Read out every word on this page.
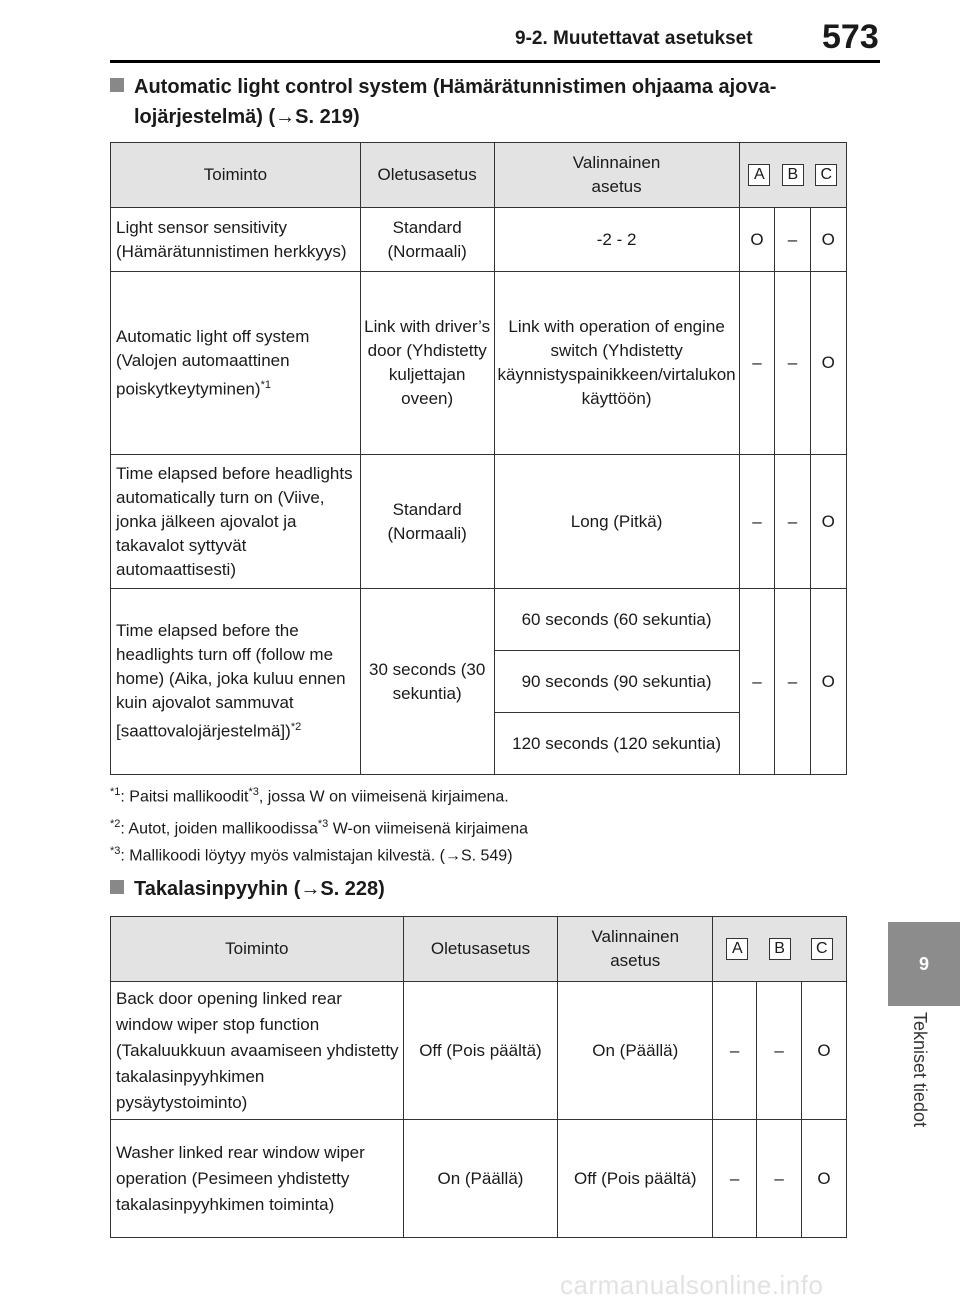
9-2. Muutettavat asetukset 573
9
Tekniset tiedot
Automatic light control system (Hämärätunnistimen ohjaama ajova-
lojärjestelmä) (→S. 219)
Toiminto	Oletusasetus	Valinnainen
asetus	A B C		

Light sensor sensitivity (Hämärätunnistimen herkkyys)	Standard (Normaali)	-2 - 2	O	–	O
Automatic light off system (Valojen automaattinen poiskytkeytyminen)$^{*1}$	Link with driver’s door (Yhdistetty kuljettajan oveen)	Link with operation of engine switch (Yhdistetty käynnistyspainikkeen/virtalukon käyttöön)	–	–	O
Time elapsed before headlights automatically turn on (Viive, jonka jälkeen ajovalot ja takavalot syttyvät automaattisesti)	Standard (Normaali)	Long (Pitkä)	–	–	O
Time elapsed before the headlights turn off (follow me home) (Aika, joka kuluu ennen kuin ajovalot sammuvat [saattovalojärjestelmä])$^{*2}$	30 seconds (30 sekuntia)	60 seconds (60 sekuntia)	–	–	O
		90 seconds (90 sekuntia)			
		120 seconds (120 sekuntia)			
$^{*1}$: Paitsi mallikoodit$^{*3}$, jossa W on viimeisenä kirjaimena.
$^{*2}$: Autot, joiden mallikoodissa$^{*3}$ W-on viimeisenä kirjaimena
$^{*3}$: Mallikoodi löytyy myös valmistajan kilvestä. (→S. 549)
Takalasinpyyhin (→S. 228)
Toiminto	Oletusasetus	Valinnainen
asetus	A B C		

Back door opening linked rear window wiper stop function (Takaluukkuun avaamiseen yhdistetty takalasinpyyhkimen pysäytystoiminto)	Off (Pois päältä)	On (Päällä)	–	–	O
Washer linked rear window wiper operation (Pesimeen yhdistetty takalasinpyyhkimen toiminta)	On (Päällä)	Off (Pois päältä)	–	–	O
carmanualsonline.info
